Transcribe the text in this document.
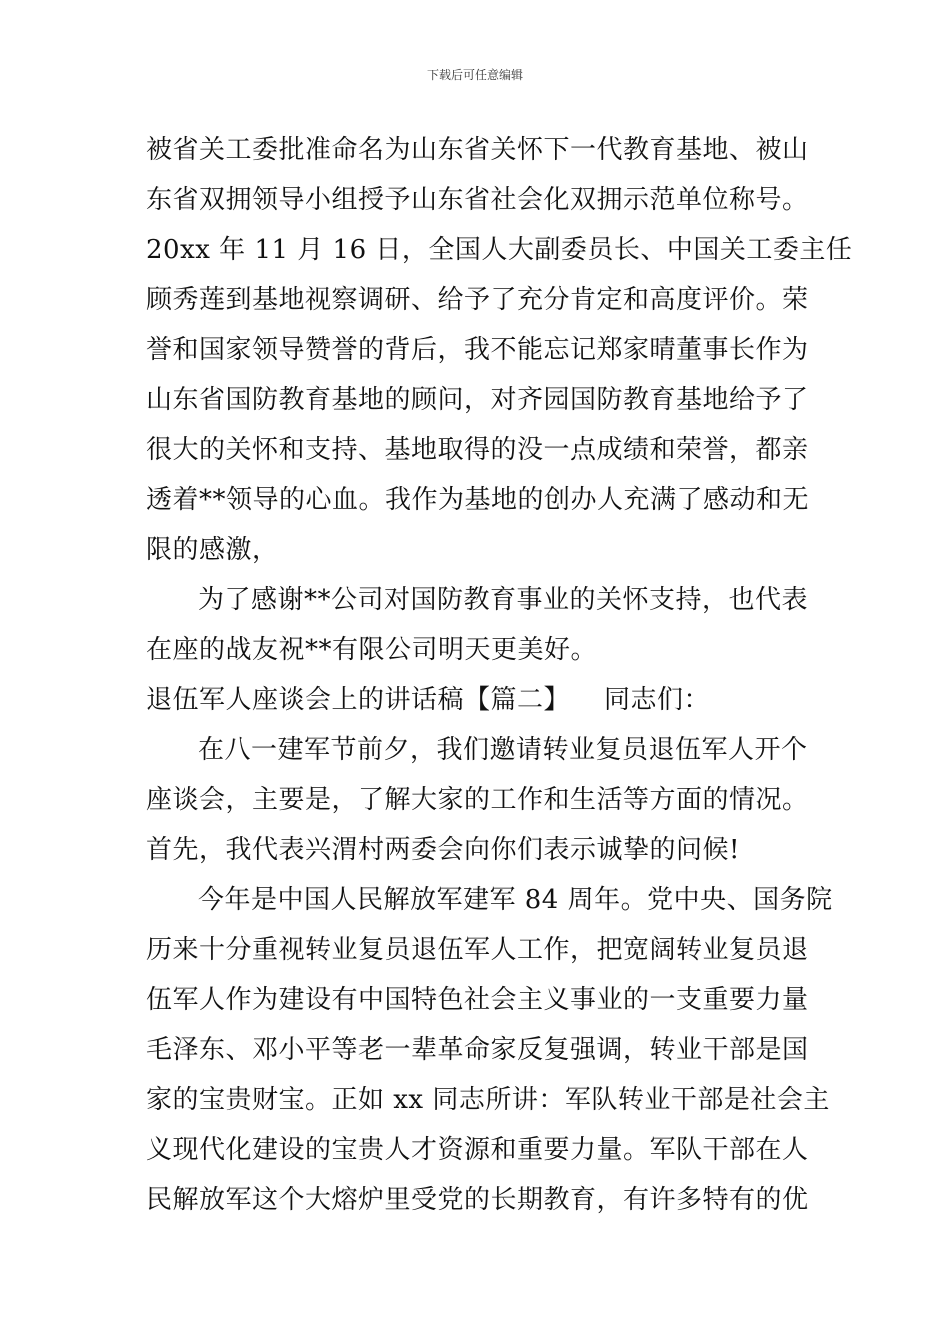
下载后可任意编辑
被省关工委批准命名为山东省关怀下一代教育基地、被山
东省双拥领导小组授予山东省社会化双拥示范单位称号。
20xx 年 11 月 16 日，全国人大副委员长、中国关工委主任
顾秀莲到基地视察调研、给予了充分肯定和高度评价。荣
誉和国家领导赞誉的背后，我不能忘记郑家晴董事长作为
山东省国防教育基地的顾问，对齐园国防教育基地给予了
很大的关怀和支持、基地取得的没一点成绩和荣誉，都亲
透着**领导的心血。我作为基地的创办人充满了感动和无
限的感激，
为了感谢**公司对国防教育事业的关怀支持，也代表
在座的战友祝**有限公司明天更美好。
退伍军人座谈会上的讲话稿【篇二】 同志们：
在八一建军节前夕，我们邀请转业复员退伍军人开个
座谈会，主要是，了解大家的工作和生活等方面的情况。
首先，我代表兴渭村两委会向你们表示诚挚的问候!
今年是中国人民解放军建军 84 周年。党中央、国务院
历来十分重视转业复员退伍军人工作，把宽阔转业复员退
伍军人作为建设有中国特色社会主义事业的一支重要力量
毛泽东、邓小平等老一辈革命家反复强调，转业干部是国
家的宝贵财宝。正如 xx 同志所讲：军队转业干部是社会主
义现代化建设的宝贵人才资源和重要力量。军队干部在人
民解放军这个大熔炉里受党的长期教育，有许多特有的优
